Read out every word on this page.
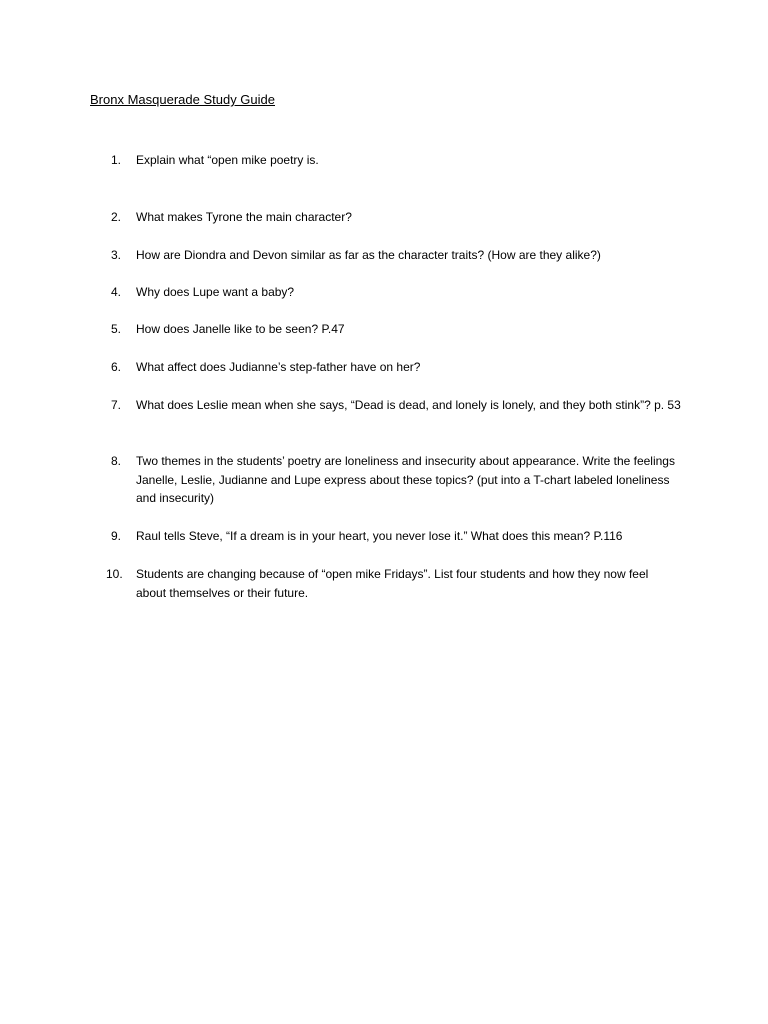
Bronx Masquerade Study Guide
1.	Explain what “open mike poetry is.
2.	What makes Tyrone the main character?
3.	How are Diondra and Devon similar as far as the character traits? (How are they alike?)
4.	Why does Lupe want a baby?
5.	How does Janelle like to be seen? P.47
6.	What affect does Judianne’s step-father have on her?
7.	What does Leslie mean when she says, “Dead is dead, and lonely is lonely, and they both stink”? p. 53
8.	Two themes in the students’ poetry are loneliness and insecurity about appearance. Write the feelings Janelle, Leslie, Judianne and Lupe express about these topics? (put into a T-chart labeled loneliness and insecurity)
9.	Raul tells Steve, “If a dream is in your heart, you never lose it.” What does this mean? P.116
10.	Students are changing because of “open mike Fridays”. List four students and how they now feel about themselves or their future.
